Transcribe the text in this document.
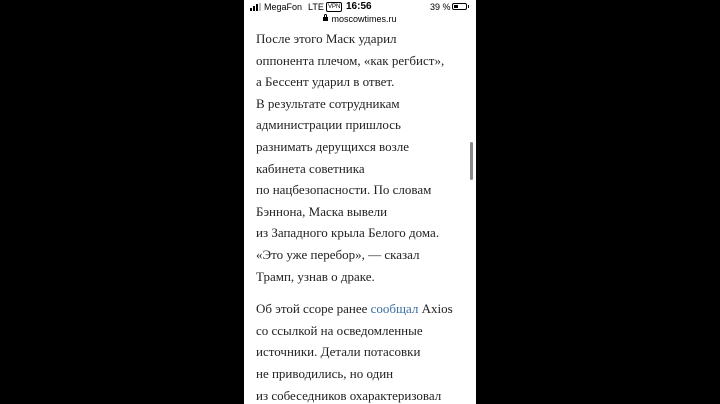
MegaFon LTE VPN 16:56	39 %
moscowtimes.ru
После этого Маск ударил
оппонента плечом, «как регбист»,
а Бессент ударил в ответ.
В результате сотрудникам
администрации пришлось
разнимать дерущихся возле
кабинета советника
по нацбезопасности. По словам
Бэннона, Маска вывели
из Западного крыла Белого дома.
«Это уже перебор», — сказал
Трамп, узнав о драке.
Об этой ссоре ранее сообщал Axios
со ссылкой на осведомленные
источники. Детали потасовки
не приводились, но один
из собеседников охарактеризовал
